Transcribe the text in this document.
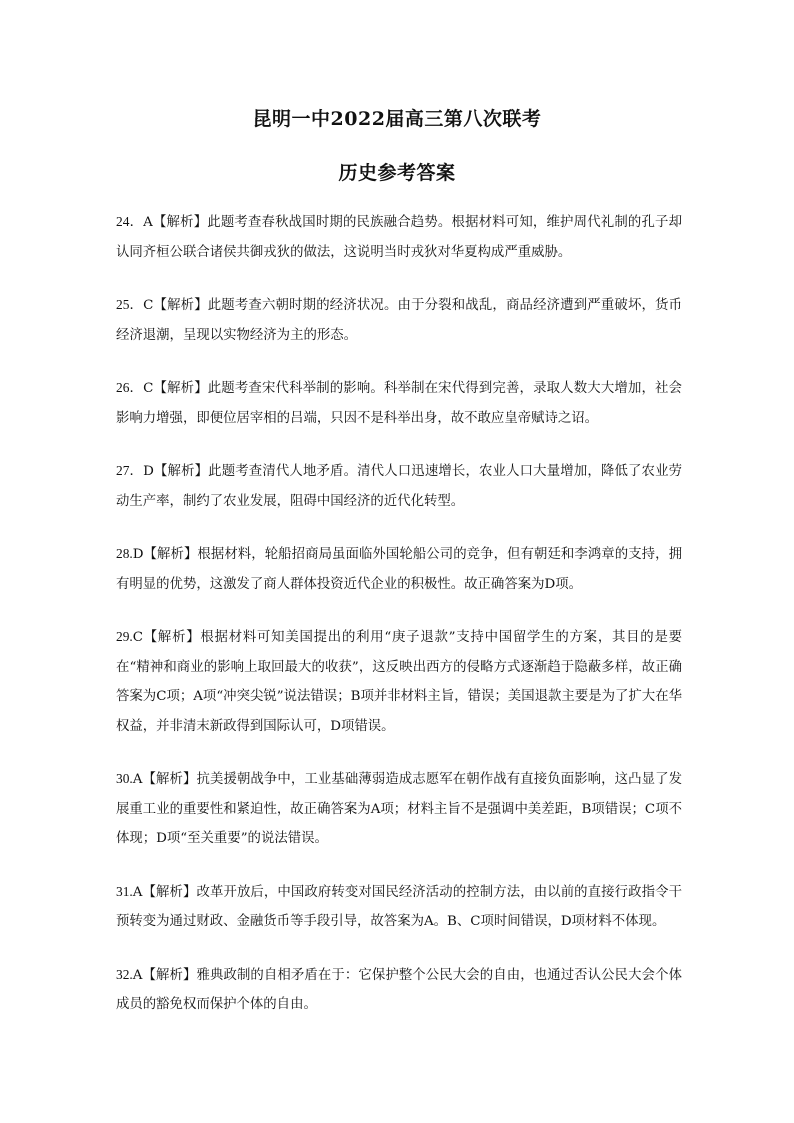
昆明一中2022届高三第八次联考
历史参考答案
24．A【解析】此题考查春秋战国时期的民族融合趋势。根据材料可知，维护周代礼制的孔子却认同齐桓公联合诸侯共御戎狄的做法，这说明当时戎狄对华夏构成严重威胁。
25．C【解析】此题考查六朝时期的经济状况。由于分裂和战乱，商品经济遭到严重破坏，货币经济退潮，呈现以实物经济为主的形态。
26．C【解析】此题考查宋代科举制的影响。科举制在宋代得到完善，录取人数大大增加，社会影响力增强，即便位居宰相的吕端，只因不是科举出身，故不敢应皇帝赋诗之诏。
27．D【解析】此题考查清代人地矛盾。清代人口迅速增长，农业人口大量增加，降低了农业劳动生产率，制约了农业发展，阻碍中国经济的近代化转型。
28.D【解析】根据材料，轮船招商局虽面临外国轮船公司的竞争，但有朝廷和李鸿章的支持，拥有明显的优势，这激发了商人群体投资近代企业的积极性。故正确答案为D项。
29.C【解析】根据材料可知美国提出的利用“庚子退款”支持中国留学生的方案，其目的是要在“精神和商业的影响上取回最大的收获”，这反映出西方的侵略方式逐渐趋于隐蔽多样，故正确答案为C项；A项“冲突尖锐”说法错误；B项并非材料主旨，错误；美国退款主要是为了扩大在华权益，并非清末新政得到国际认可，D项错误。
30.A【解析】抗美援朝战争中，工业基础薄弱造成志愿军在朝作战有直接负面影响，这凸显了发展重工业的重要性和紧迫性，故正确答案为A项；材料主旨不是强调中美差距，B项错误；C项不体现；D项“至关重要”的说法错误。
31.A【解析】改革开放后，中国政府转变对国民经济活动的控制方法，由以前的直接行政指令干预转变为通过财政、金融货币等手段引导，故答案为A。B、C项时间错误，D项材料不体现。
32.A【解析】雅典政制的自相矛盾在于：它保护整个公民大会的自由，也通过否认公民大会个体成员的豁免权而保护个体的自由。
